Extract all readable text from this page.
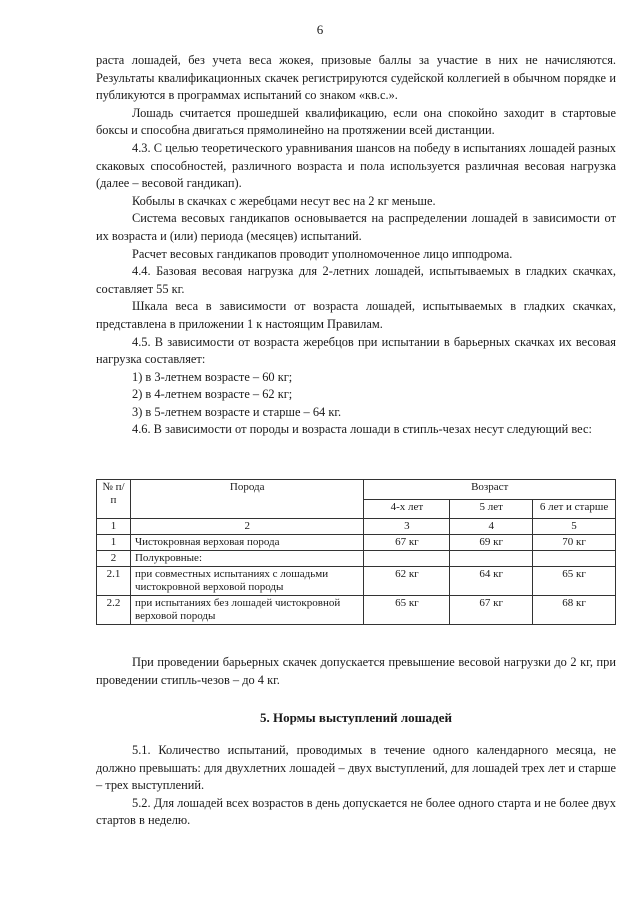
6

раста лошадей, без учета веса жокея, призовые баллы за участие в них не начисляются. Результаты квалификационных скачек регистрируются судейской коллегией в обычном порядке и публикуются в программах испытаний со знаком «кв.с.».

Лошадь считается прошедшей квалификацию, если она спокойно заходит в стартовые боксы и способна двигаться прямолинейно на протяжении всей дистанции.

4.3. С целью теоретического уравнивания шансов на победу в испытаниях лошадей разных скаковых способностей, различного возраста и пола используется различная весовая нагрузка (далее – весовой гандикап).

Кобылы в скачках с жеребцами несут вес на 2 кг меньше.

Система весовых гандикапов основывается на распределении лошадей в зависимости от их возраста и (или) периода (месяцев) испытаний.

Расчет весовых гандикапов проводит уполномоченное лицо ипподрома.

4.4. Базовая весовая нагрузка для 2-летних лошадей, испытываемых в гладких скачках, составляет 55 кг.

Шкала веса в зависимости от возраста лошадей, испытываемых в гладких скачках, представлена в приложении 1 к настоящим Правилам.

4.5. В зависимости от возраста жеребцов при испытании в барьерных скачках их весовая нагрузка составляет:

1) в 3-летнем возрасте – 60 кг;

2) в 4-летнем возрасте – 62 кг;

3) в 5-летнем возрасте и старше – 64 кг.

4.6. В зависимости от породы и возраста лошади в стипль-чезах несут следующий вес:

№ п/п	Порода	Возраст		
		4-х лет	5 лет	6 лет и старше
1	2	3	4	5
1	Чистокровная верховая порода	67 кг	69 кг	70 кг
2	Полукровные:			
2.1	при совместных испытаниях с лошадьми чистокровной верховой породы	62 кг	64 кг	65 кг
2.2	при испытаниях без лошадей чистокровной верховой породы	65 кг	67 кг	68 кг

При проведении барьерных скачек допускается превышение весовой нагрузки до 2 кг, при проведении стипль-чезов – до 4 кг.

5. Нормы выступлений лошадей

5.1. Количество испытаний, проводимых в течение одного календарного месяца, не должно превышать: для двухлетних лошадей – двух выступлений, для лошадей трех лет и старше – трех выступлений.

5.2. Для лошадей всех возрастов в день допускается не более одного старта и не более двух стартов в неделю.
